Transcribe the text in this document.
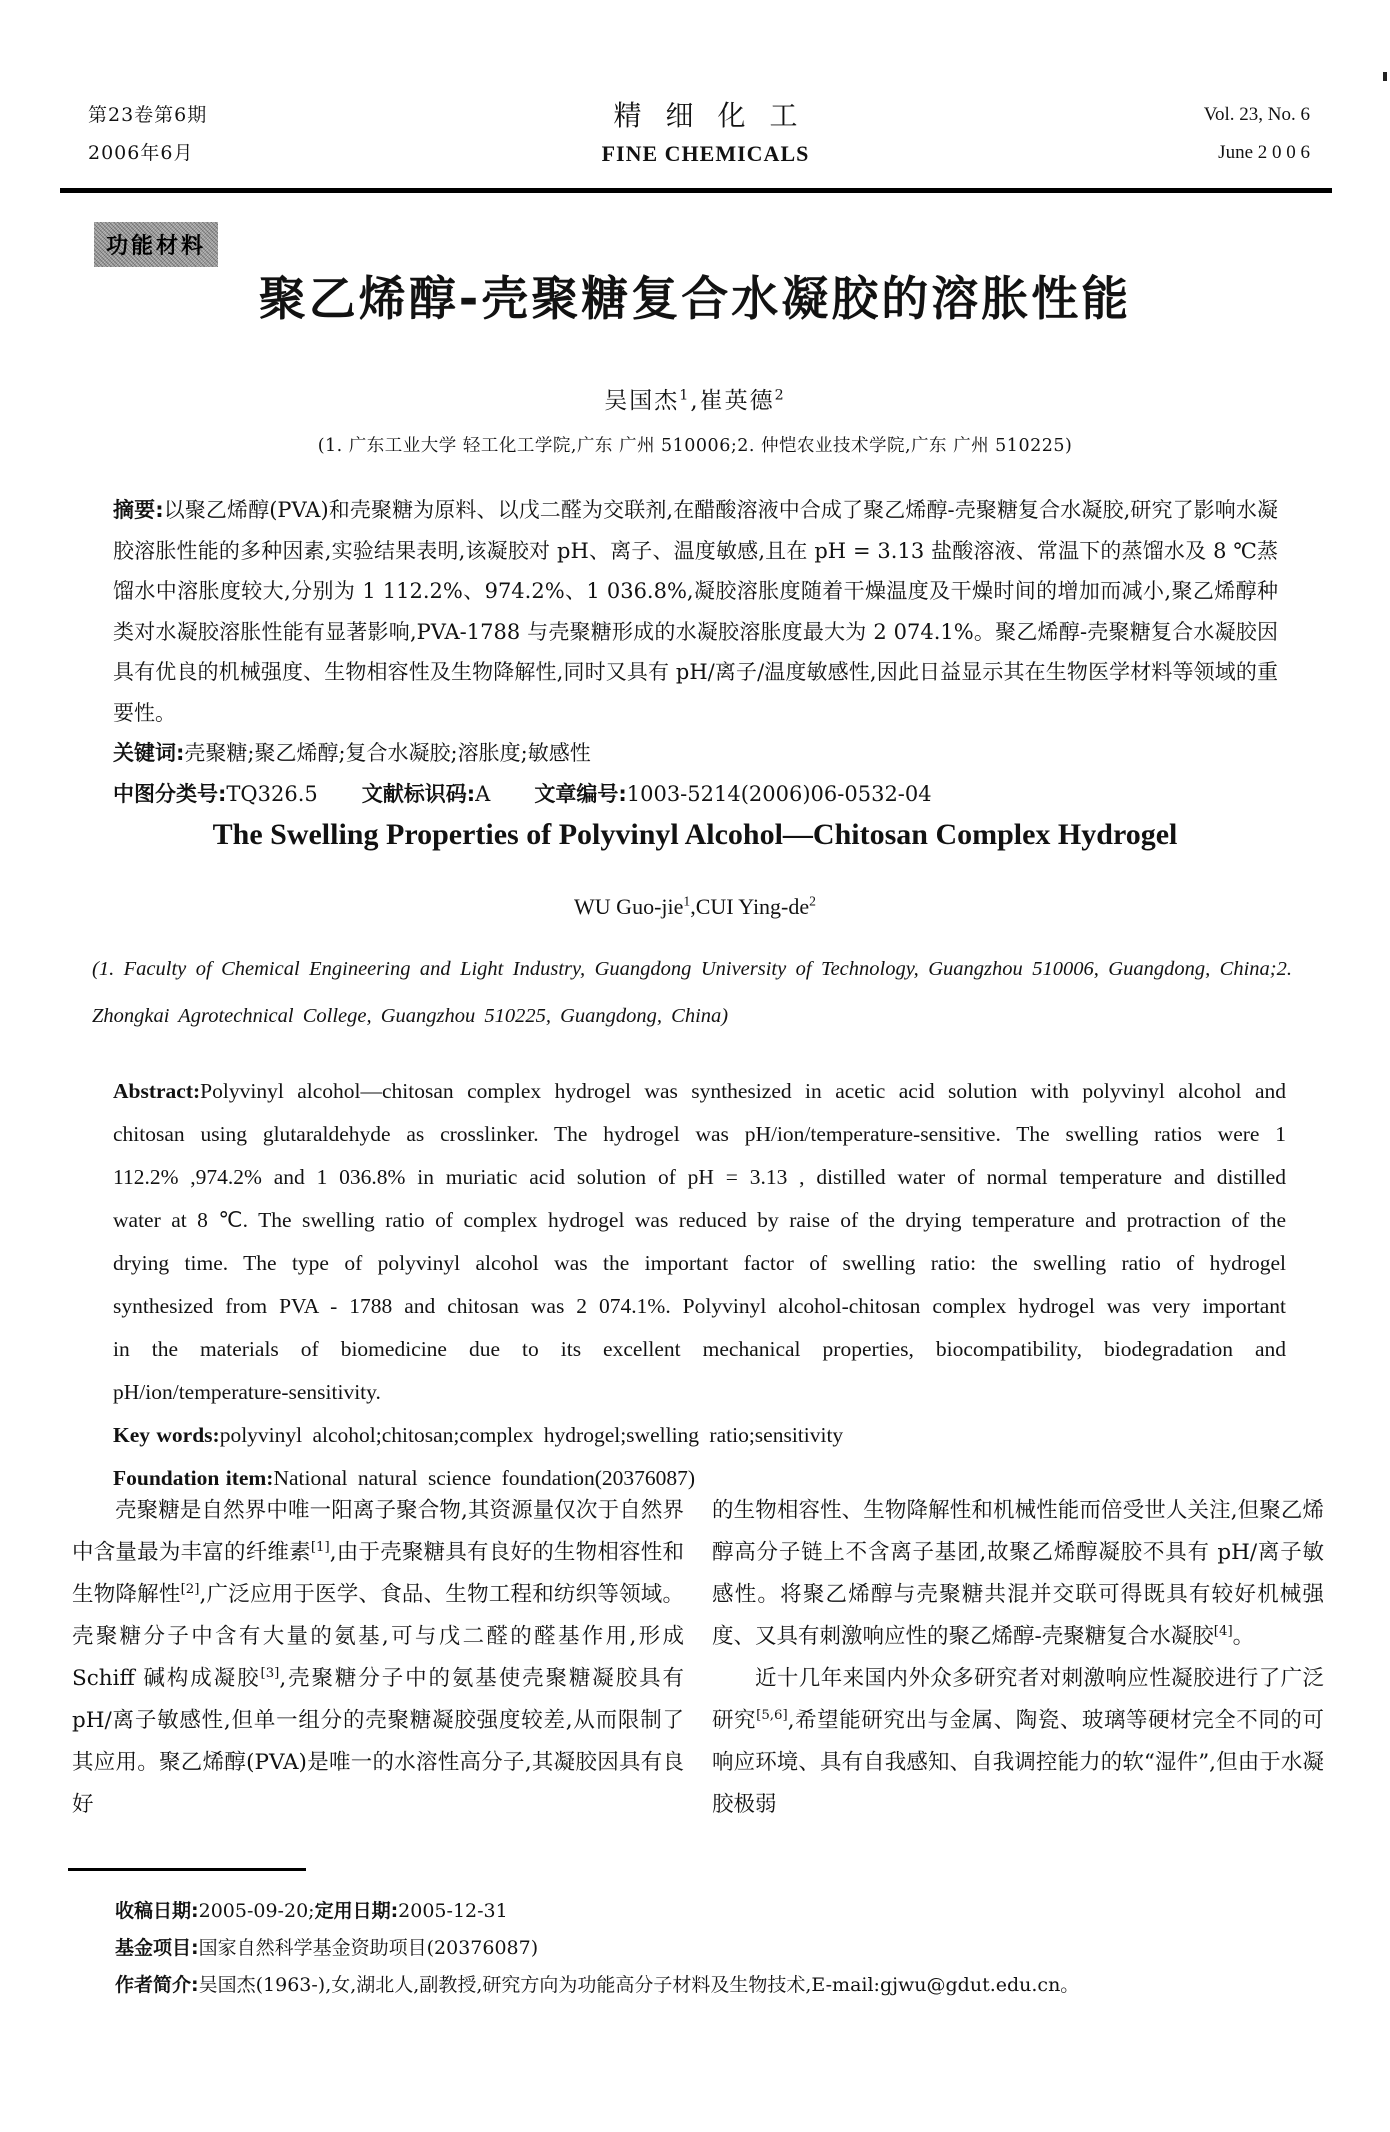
第23卷第6期
2006年6月
精细化工
FINE CHEMICALS
Vol. 23, No. 6
June 2 0 0 6
功能材料
聚乙烯醇-壳聚糖复合水凝胶的溶胀性能
吴国杰$^1$,崔英德$^2$
(1. 广东工业大学 轻工化工学院,广东 广州 510006;2. 仲恺农业技术学院,广东 广州 510225)

摘要:以聚乙烯醇(PVA)和壳聚糖为原料、以戊二醛为交联剂,在醋酸溶液中合成了聚乙烯醇-壳聚糖复合水凝胶,研究了影响水凝胶溶胀性能的多种因素,实验结果表明,该凝胶对 pH、离子、温度敏感,且在 pH = 3.13 盐酸溶液、常温下的蒸馏水及 8 ℃蒸馏水中溶胀度较大,分别为 1 112.2%、974.2%、1 036.8%,凝胶溶胀度随着干燥温度及干燥时间的增加而减小,聚乙烯醇种类对水凝胶溶胀性能有显著影响,PVA-1788 与壳聚糖形成的水凝胶溶胀度最大为 2 074.1%。聚乙烯醇-壳聚糖复合水凝胶因具有优良的机械强度、生物相容性及生物降解性,同时又具有 pH/离子/温度敏感性,因此日益显示其在生物医学材料等领域的重要性。

关键词:壳聚糖;聚乙烯醇;复合水凝胶;溶胀度;敏感性

中图分类号:TQ326.5 文献标识码:A 文章编号:1003-5214(2006)06-0532-04

The Swelling Properties of Polyvinyl Alcohol—Chitosan Complex Hydrogel
WU Guo-jie$^1$,CUI Ying-$de^2$
(1. Faculty of Chemical Engineering and Light Industry, Guangdong University of Technology, Guangzhou 510006, Guangdong, China;2. Zhongkai Agrotechnical College, Guangzhou 510225, Guangdong, China)

Abstract:Polyvinyl alcohol—chitosan complex hydrogel was synthesized in acetic acid solution with polyvinyl alcohol and chitosan using glutaraldehyde as crosslinker. The hydrogel was pH/ion/temperature-sensitive. The swelling ratios were 1 112.2% ,974.2% and 1 036.8% in muriatic acid solution of pH = 3.13 , distilled water of normal temperature and distilled water at 8 ℃. The swelling ratio of complex hydrogel was reduced by raise of the drying temperature and protraction of the drying time. The type of polyvinyl alcohol was the important factor of swelling ratio: the swelling ratio of hydrogel synthesized from PVA - 1788 and chitosan was 2 074.1%. Polyvinyl alcohol-chitosan complex hydrogel was very important in the materials of biomedicine due to its excellent mechanical properties, biocompatibility, biodegradation and pH/ion/temperature-sensitivity.

Key words:polyvinyl alcohol;chitosan;complex hydrogel;swelling ratio;sensitivity

Foundation item:National natural science foundation(20376087)

壳聚糖是自然界中唯一阳离子聚合物,其资源量仅次于自然界中含量最为丰富的纤维素[1],由于壳聚糖具有良好的生物相容性和生物降解性[2],广泛应用于医学、食品、生物工程和纺织等领域。壳聚糖分子中含有大量的氨基,可与戊二醛的醛基作用,形成 Schiff 碱构成凝胶[3],壳聚糖分子中的氨基使壳聚糖凝胶具有 pH/离子敏感性,但单一组分的壳聚糖凝胶强度较差,从而限制了其应用。聚乙烯醇(PVA)是唯一的水溶性高分子,其凝胶因具有良好

的生物相容性、生物降解性和机械性能而倍受世人关注,但聚乙烯醇高分子链上不含离子基团,故聚乙烯醇凝胶不具有 pH/离子敏感性。将聚乙烯醇与壳聚糖共混并交联可得既具有较好机械强度、又具有刺激响应性的聚乙烯醇-壳聚糖复合水凝胶[4]。

近十几年来国内外众多研究者对刺激响应性凝胶进行了广泛研究[5,6],希望能研究出与金属、陶瓷、玻璃等硬材完全不同的可响应环境、具有自我感知、自我调控能力的软“湿件”,但由于水凝胶极弱

收稿日期:2005-09-20;定用日期:2005-12-31
基金项目:国家自然科学基金资助项目(20376087)
作者简介:吴国杰(1963-),女,湖北人,副教授,研究方向为功能高分子材料及生物技术,E-mail:gjwu@gdut.edu.cn。
